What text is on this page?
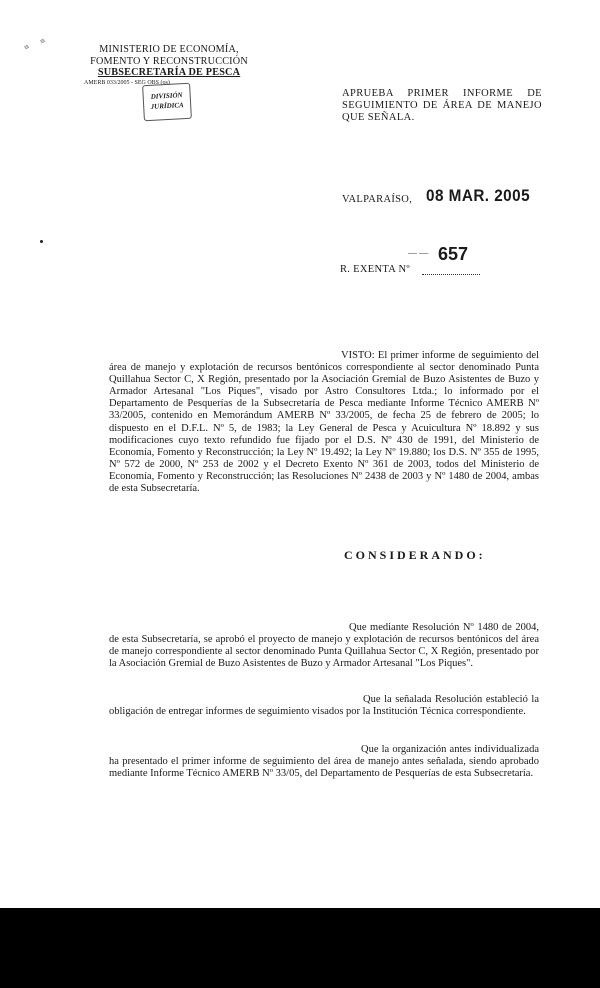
≡
≡
MINISTERIO DE ECONOMÍA,
FOMENTO Y RECONSTRUCCIÓN
SUBSECRETARÍA DE PESCA
AMERB 033/2005 - SEG OBS (os)
DIVISIÓN
JURÍDICA
APRUEBA PRIMER INFORME DE SEGUIMIENTO DE ÁREA DE MANEJO QUE SEÑALA.
VALPARAÍSO, 08 MAR. 2005
— — 657
R. EXENTA Nº
VISTO: El primer informe de seguimiento del área de manejo y explotación de recursos bentónicos correspondiente al sector denominado Punta Quillahua Sector C, X Región, presentado por la Asociación Gremial de Buzo Asistentes de Buzo y Armador Artesanal "Los Piques", visado por Astro Consultores Ltda.; lo informado por el Departamento de Pesquerías de la Subsecretaría de Pesca mediante Informe Técnico AMERB Nº 33/2005, contenido en Memorándum AMERB Nº 33/2005, de fecha 25 de febrero de 2005; lo dispuesto en el D.F.L. Nº 5, de 1983; la Ley General de Pesca y Acuicultura Nº 18.892 y sus modificaciones cuyo texto refundido fue fijado por el D.S. Nº 430 de 1991, del Ministerio de Economía, Fomento y Reconstrucción; la Ley Nº 19.492; la Ley Nº 19.880; los D.S. Nº 355 de 1995, Nº 572 de 2000, Nº 253 de 2002 y el Decreto Exento Nº 361 de 2003, todos del Ministerio de Economía, Fomento y Reconstrucción; las Resoluciones Nº 2438 de 2003 y Nº 1480 de 2004, ambas de esta Subsecretaría.
CONSIDERANDO:
Que mediante Resolución Nº 1480 de 2004, de esta Subsecretaría, se aprobó el proyecto de manejo y explotación de recursos bentónicos del área de manejo correspondiente al sector denominado Punta Quillahua Sector C, X Región, presentado por la Asociación Gremial de Buzo Asistentes de Buzo y Armador Artesanal "Los Piques".
Que la señalada Resolución estableció la obligación de entregar informes de seguimiento visados por la Institución Técnica correspondiente.
Que la organización antes individualizada ha presentado el primer informe de seguimiento del área de manejo antes señalada, siendo aprobado mediante Informe Técnico AMERB Nº 33/05, del Departamento de Pesquerías de esta Subsecretaría.
